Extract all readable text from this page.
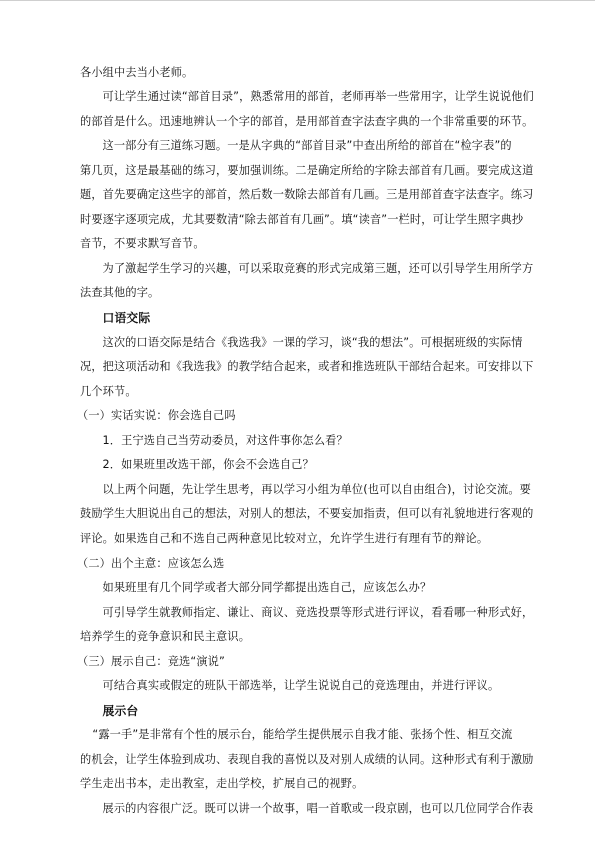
各小组中去当小老师。
可让学生通过读“部首目录”，熟悉常用的部首，老师再举一些常用字，让学生说说他们
的部首是什么。迅速地辨认一个字的部首，是用部首查字法查字典的一个非常重要的环节。
这一部分有三道练习题。一是从字典的“部首目录”中查出所给的部首在“检字表”的
第几页，这是最基础的练习，要加强训练。二是确定所给的字除去部首有几画。要完成这道
题，首先要确定这些字的部首，然后数一数除去部首有几画。三是用部首查字法查字。练习
时要逐字逐项完成，尤其要数清“除去部首有几画”。填“读音”一栏时，可让学生照字典抄
音节，不要求默写音节。
为了激起学生学习的兴趣，可以采取竞赛的形式完成第三题，还可以引导学生用所学方
法查其他的字。
口语交际
这次的口语交际是结合《我选我》一课的学习，谈“我的想法”。可根据班级的实际情
况，把这项活动和《我选我》的教学结合起来，或者和推选班队干部结合起来。可安排以下
几个环节。
（一）实话实说：你会选自己吗
1．王宁选自己当劳动委员，对这件事你怎么看？
2．如果班里改选干部，你会不会选自己？
以上两个问题，先让学生思考，再以学习小组为单位(也可以自由组合)，讨论交流。要
鼓励学生大胆说出自己的想法，对别人的想法，不要妄加指责，但可以有礼貌地进行客观的
评论。如果选自己和不选自己两种意见比较对立，允许学生进行有理有节的辩论。
（二）出个主意：应该怎么选
如果班里有几个同学或者大部分同学都提出选自己，应该怎么办？
可引导学生就教师指定、谦让、商议、竞选投票等形式进行评议，看看哪一种形式好，
培养学生的竞争意识和民主意识。
（三）展示自己：竞选“演说”
可结合真实或假定的班队干部选举，让学生说说自己的竞选理由，并进行评议。
展示台
“露一手”是非常有个性的展示台，能给学生提供展示自我才能、张扬个性、相互交流
的机会，让学生体验到成功、表现自我的喜悦以及对别人成绩的认同。这种形式有利于激励
学生走出书本，走出教室，走出学校，扩展自己的视野。
展示的内容很广泛。既可以讲一个故事，唱一首歌或一段京剧，也可以几位同学合作表
